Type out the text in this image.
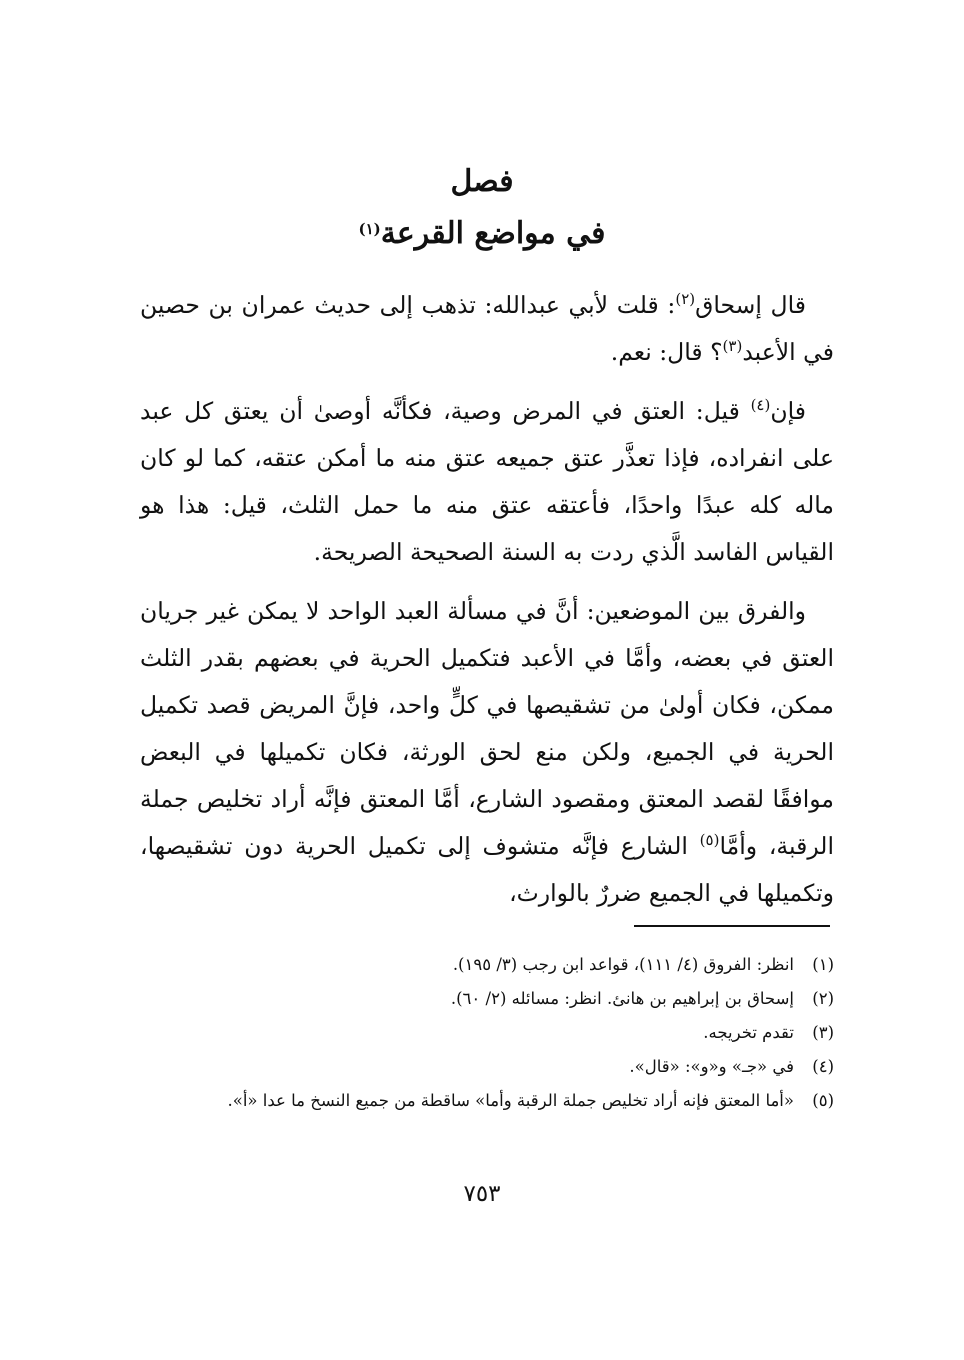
فصل
في مواضع القرعة$^{(١)}$

قال إسحاق$^{(٢)}$: قلت لأبي عبدالله: تذهب إلى حديث عمران بن حصين في الأعبد$^{(٣)}$؟ قال: نعم.

فإن$^{(٤)}$ قيل: العتق في المرض وصية، فكأنَّه أوصىٰ أن يعتق كل عبد على انفراده، فإذا تعذَّر عتق جميعه عتق منه ما أمكن عتقه، كما لو كان ماله كله عبدًا واحدًا، فأعتقه عتق منه ما حمل الثلث، قيل: هذا هو القياس الفاسد الَّذي ردت به السنة الصحيحة الصريحة.

والفرق بين الموضعين: أنَّ في مسألة العبد الواحد لا يمكن غير جريان العتق في بعضه، وأمَّا في الأعبد فتكميل الحرية في بعضهم بقدر الثلث ممكن، فكان أولىٰ من تشقيصها في كلٍّ واحد، فإنَّ المريض قصد تكميل الحرية في الجميع، ولكن منع لحق الورثة، فكان تكميلها في البعض موافقًا لقصد المعتق ومقصود الشارع، أمَّا المعتق فإنَّه أراد تخليص جملة الرقبة، وأمَّا$^{(٥)}$ الشارع فإنَّه متشوف إلى تكميل الحرية دون تشقيصها، وتكميلها في الجميع ضررٌ بالوارث،

(١)
انظر: الفروق (٤/ ١١١)، قواعد ابن رجب (٣/ ١٩٥).
(٢)
إسحاق بن إبراهيم بن هانئ. انظر: مسائله (٢/ ٦٠).
(٣)
تقدم تخريجه.
(٤)
في «جـ» و«و»: «قال».
(٥)
«أما المعتق فإنه أراد تخليص جملة الرقبة وأما» ساقطة من جميع النسخ ما عدا «أ».
٧٥٣
